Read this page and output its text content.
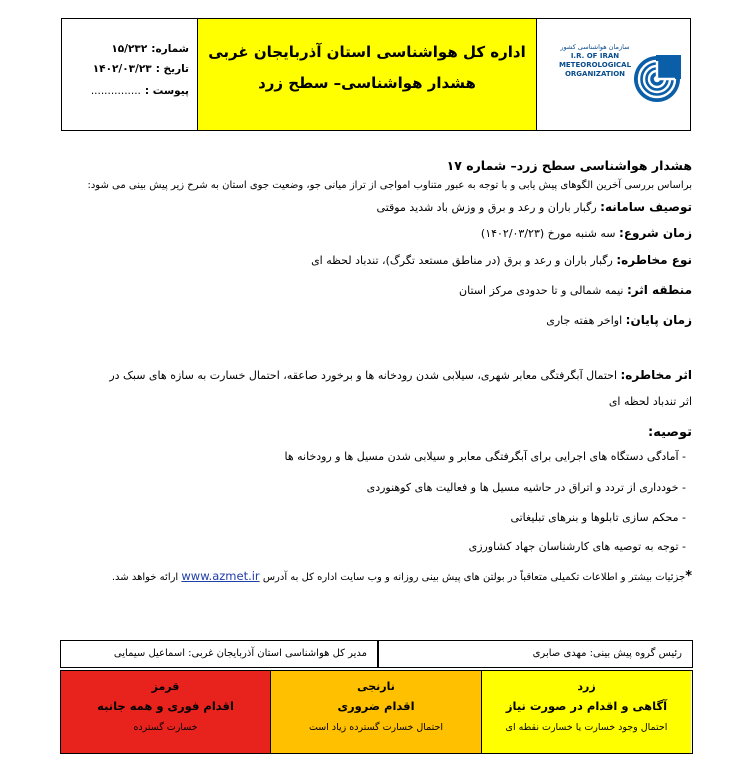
شماره:۱۵/۲۳۲
تاریخ :۱۴۰۲/۰۳/۲۳
پیوست :...............
اداره کل هواشناسی استان آذربایجان غربی
هشدار هواشناسی– سطح زرد
سازمان هواشناسی کشور
I.R. OF IRAN
METEOROLOGICAL
ORGANIZATION
هشدار هواشناسی سطح زرد– شماره ۱۷
براساس بررسی آخرین الگوهای پیش یابی و با توجه به عبور متناوب امواجی از تراز میانی جو، وضعیت جوی استان به شرح زیر پیش بینی می شود:
توصیف سامانه: رگبار باران و رعد و برق و وزش باد شدید موقتی
زمان شروع: سه شنبه مورخ (۱۴۰۲/۰۳/۲۳)
نوع مخاطره: رگبار باران و رعد و برق (در مناطق مستعد تگرگ)، تندباد لحظه ای
منطقه اثر: نیمه شمالی و تا حدودی مرکز استان
زمان پایان: اواخر هفته جاری
اثر مخاطره: احتمال آبگرفتگی معابر شهری، سیلابی شدن رودخانه ها و برخورد صاعقه، احتمال خسارت به سازه های سبک در
اثر تندباد لحظه ای
توصیه:
- آمادگی دستگاه های اجرایی برای آبگرفتگی معابر و سیلابی شدن مسیل ها و رودخانه ها
- خودداری از تردد و اتراق در حاشیه مسیل ها و فعالیت های کوهنوردی
- محکم سازی تابلوها و بنرهای تبلیغاتی
- توجه به توصیه های کارشناسان جهاد کشاورزی
*جزئیات بیشتر و اطلاعات تکمیلی متعاقباً در بولتن های پیش بینی روزانه و وب سایت اداره کل به آدرس www.azmet.ir ارائه خواهد شد.
رئیس گروه پیش بینی: مهدی صابری
مدیر کل هواشناسی استان آذربایجان غربی: اسماعیل سیمایی
زرد
آگاهی و اقدام در صورت نیاز
احتمال وجود خسارت یا خسارت نقطه ای
نارنجی
اقدام ضروری
احتمال خسارت گسترده زیاد است
قرمز
اقدام فوری و همه جانبه
خسارت گسترده
